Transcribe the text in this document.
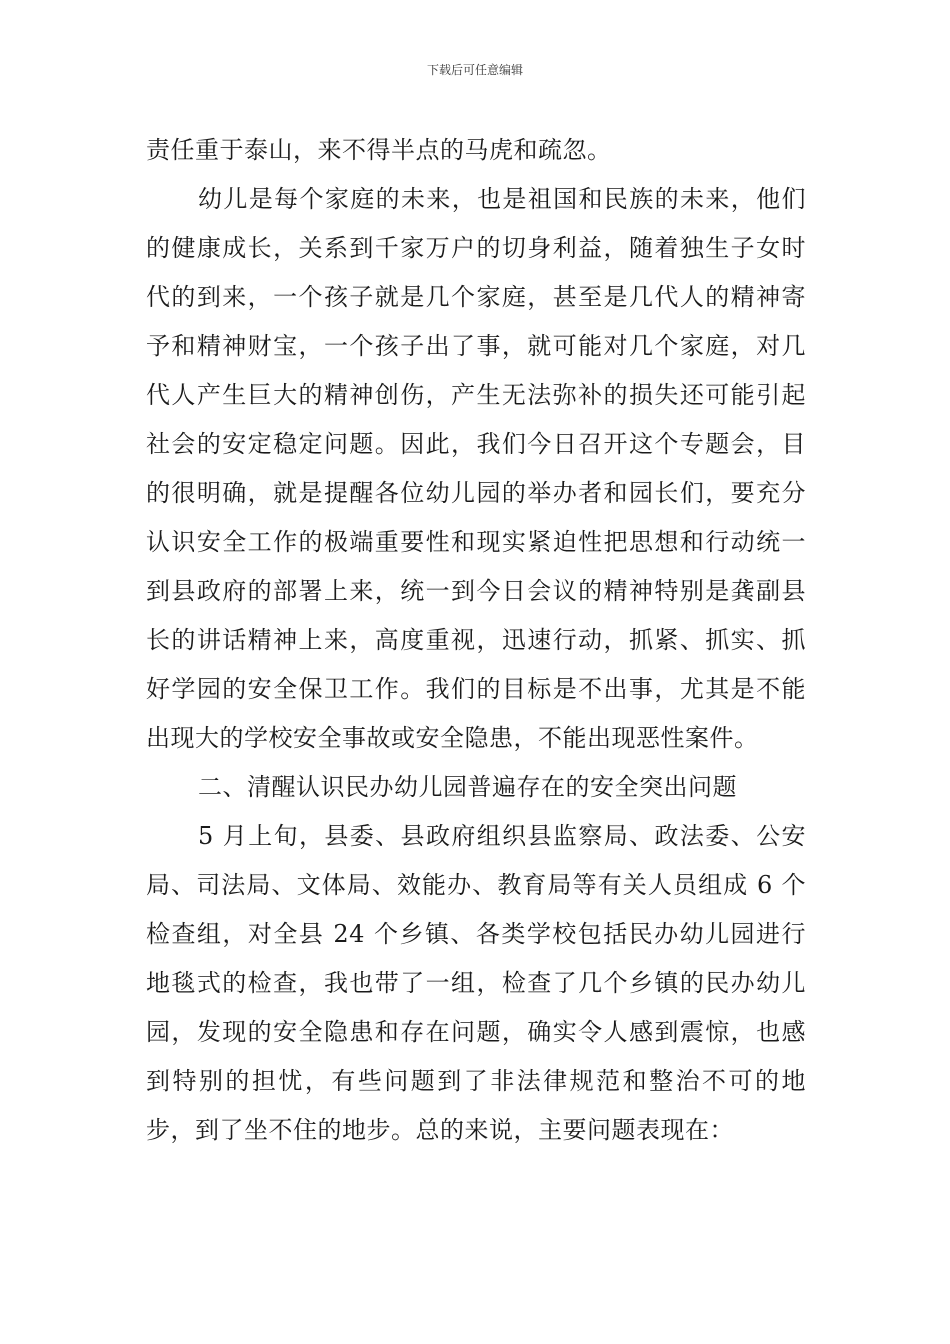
下载后可任意编辑

责任重于泰山，来不得半点的马虎和疏忽。

幼儿是每个家庭的未来，也是祖国和民族的未来，他们的健康成长，关系到千家万户的切身利益，随着独生子女时代的到来，一个孩子就是几个家庭，甚至是几代人的精神寄予和精神财宝，一个孩子出了事，就可能对几个家庭，对几代人产生巨大的精神创伤，产生无法弥补的损失还可能引起社会的安定稳定问题。因此，我们今日召开这个专题会，目的很明确，就是提醒各位幼儿园的举办者和园长们，要充分认识安全工作的极端重要性和现实紧迫性把思想和行动统一到县政府的部署上来，统一到今日会议的精神特别是龚副县长的讲话精神上来，高度重视，迅速行动，抓紧、抓实、抓好学园的安全保卫工作。我们的目标是不出事，尤其是不能出现大的学校安全事故或安全隐患，不能出现恶性案件。

二、清醒认识民办幼儿园普遍存在的安全突出问题

5 月上旬，县委、县政府组织县监察局、政法委、公安局、司法局、文体局、效能办、教育局等有关人员组成 6 个检查组，对全县 24 个乡镇、各类学校包括民办幼儿园进行地毯式的检查，我也带了一组，检查了几个乡镇的民办幼儿园，发现的安全隐患和存在问题，确实令人感到震惊，也感到特别的担忧，有些问题到了非法律规范和整治不可的地步，到了坐不住的地步。总的来说，主要问题表现在：
